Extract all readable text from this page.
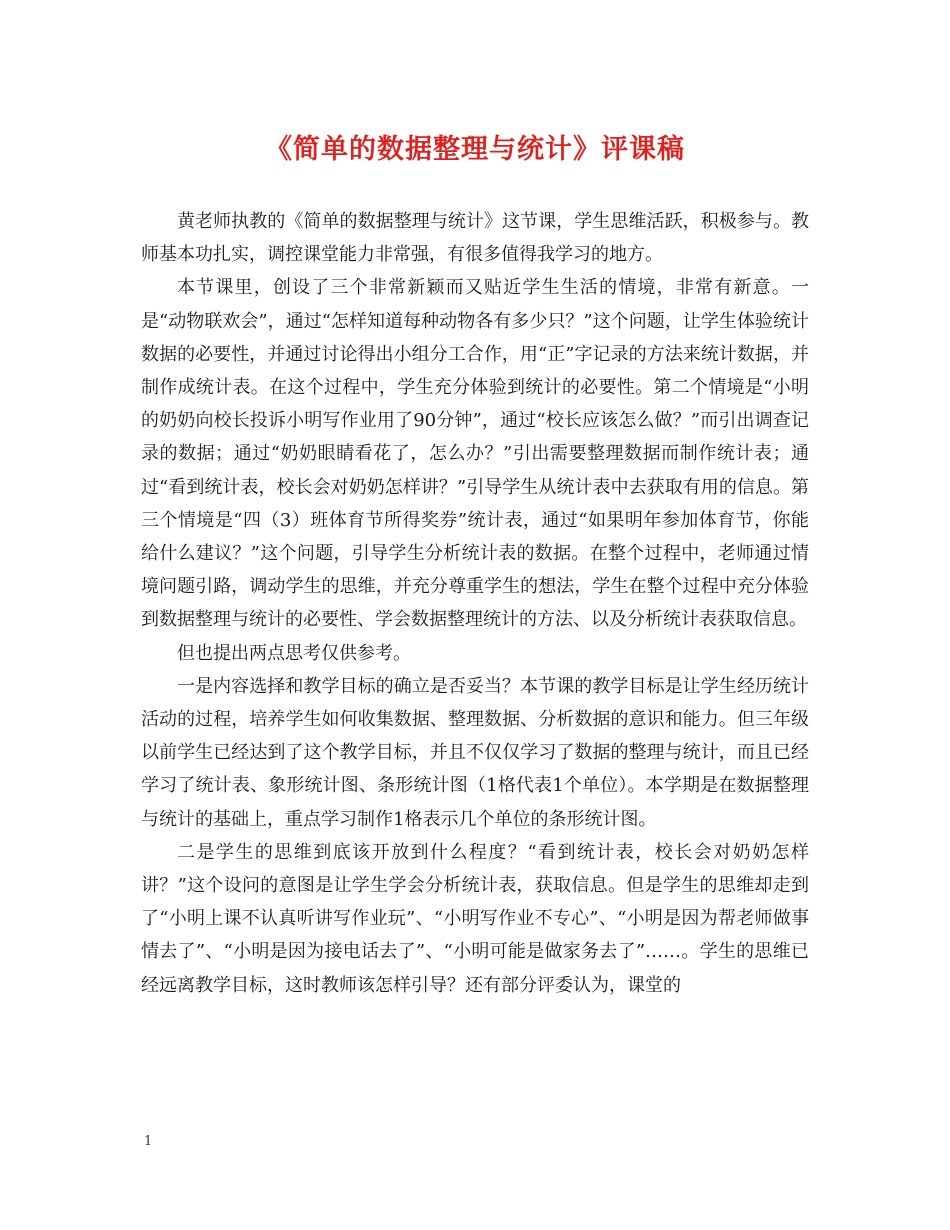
《简单的数据整理与统计》评课稿

黄老师执教的《简单的数据整理与统计》这节课，学生思维活跃，积极参与。教师基本功扎实，调控课堂能力非常强，有很多值得我学习的地方。

本节课里，创设了三个非常新颖而又贴近学生生活的情境，非常有新意。一是“动物联欢会”，通过“怎样知道每种动物各有多少只？”这个问题，让学生体验统计数据的必要性，并通过讨论得出小组分工合作，用“正”字记录的方法来统计数据，并制作成统计表。在这个过程中，学生充分体验到统计的必要性。第二个情境是“小明的奶奶向校长投诉小明写作业用了90分钟”，通过“校长应该怎么做？”而引出调查记录的数据；通过“奶奶眼睛看花了，怎么办？”引出需要整理数据而制作统计表；通过“看到统计表，校长会对奶奶怎样讲？”引导学生从统计表中去获取有用的信息。第三个情境是“四（3）班体育节所得奖券”统计表，通过“如果明年参加体育节，你能给什么建议？”这个问题，引导学生分析统计表的数据。在整个过程中，老师通过情境问题引路，调动学生的思维，并充分尊重学生的想法，学生在整个过程中充分体验到数据整理与统计的必要性、学会数据整理统计的方法、以及分析统计表获取信息。

但也提出两点思考仅供参考。

一是内容选择和教学目标的确立是否妥当？本节课的教学目标是让学生经历统计活动的过程，培养学生如何收集数据、整理数据、分析数据的意识和能力。但三年级以前学生已经达到了这个教学目标，并且不仅仅学习了数据的整理与统计，而且已经学习了统计表、象形统计图、条形统计图（1格代表1个单位）。本学期是在数据整理与统计的基础上，重点学习制作1格表示几个单位的条形统计图。

二是学生的思维到底该开放到什么程度？“看到统计表，校长会对奶奶怎样讲？”这个设问的意图是让学生学会分析统计表，获取信息。但是学生的思维却走到了“小明上课不认真听讲写作业玩”、“小明写作业不专心”、“小明是因为帮老师做事情去了”、“小明是因为接电话去了”、“小明可能是做家务去了”……。学生的思维已经远离教学目标，这时教师该怎样引导？还有部分评委认为，课堂的

1
